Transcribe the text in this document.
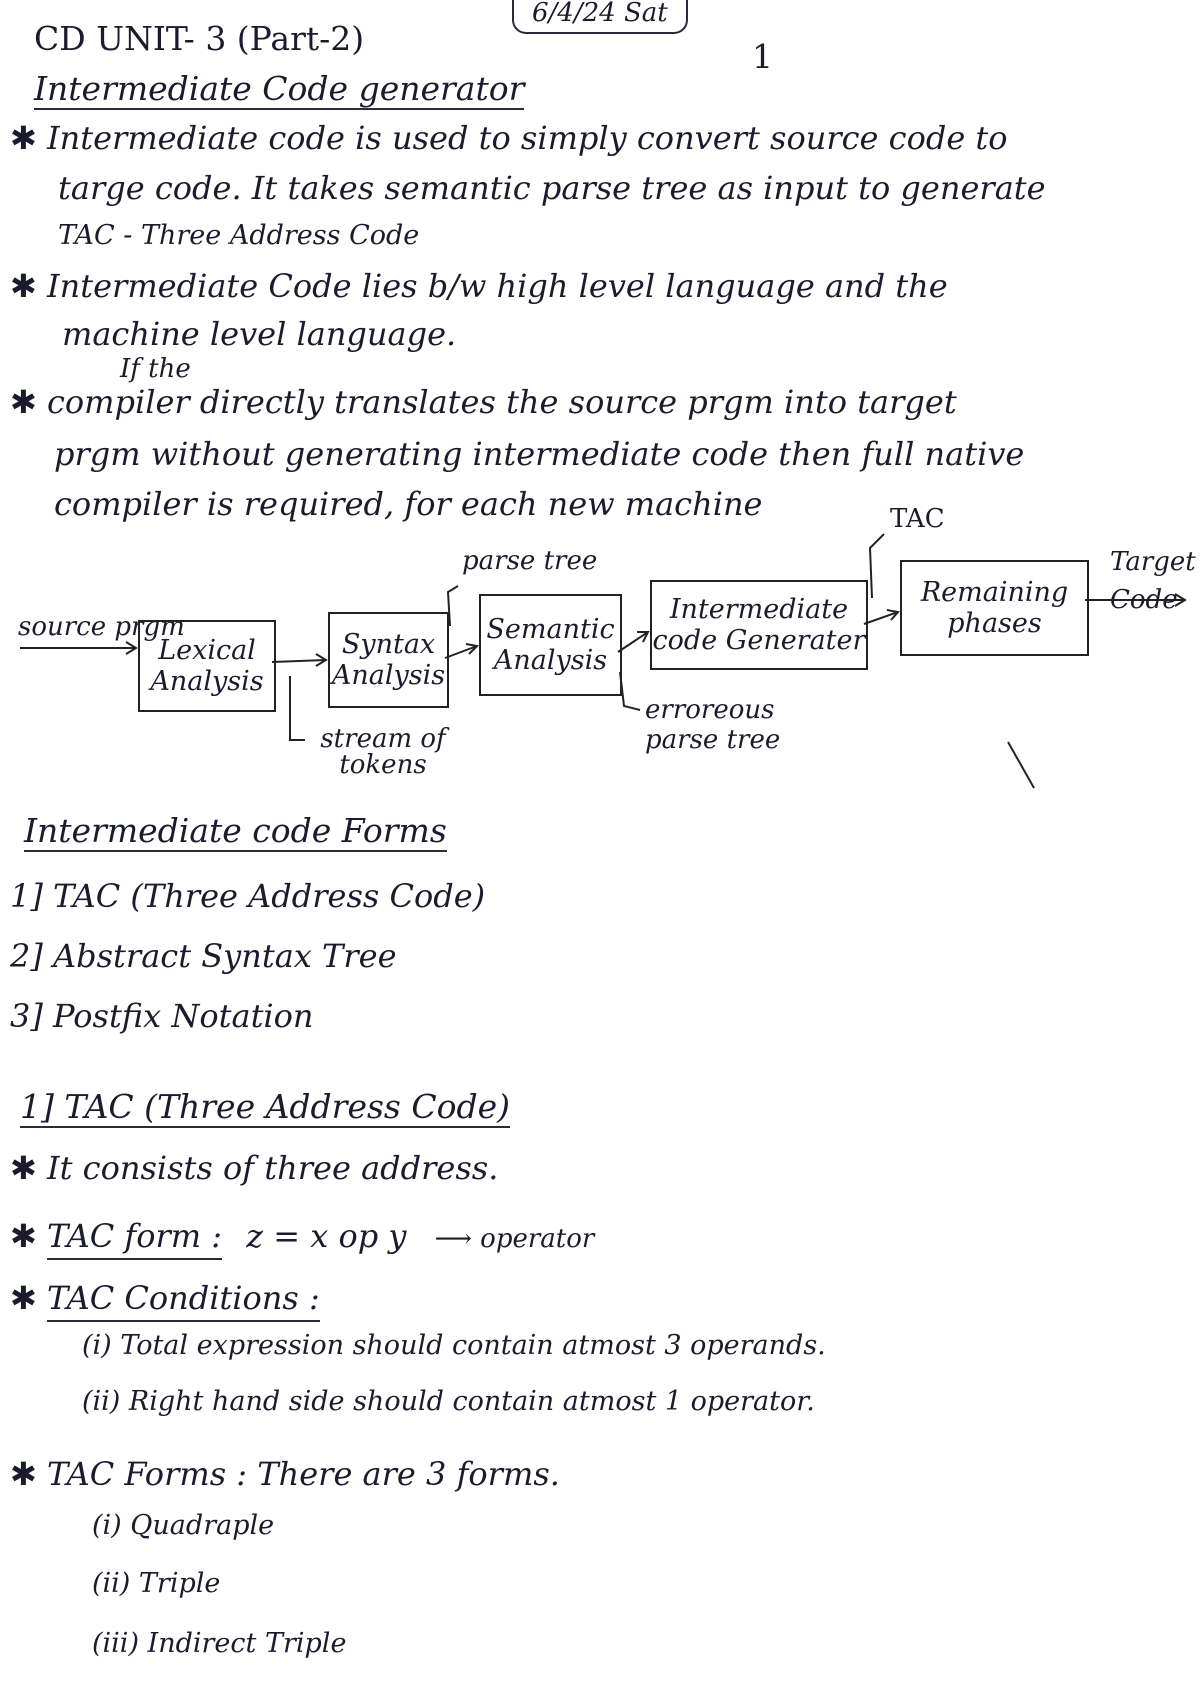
CD UNIT- 3 (Part-2)
6/4/24 Sat
1
Intermediate Code generator
✱ Intermediate code is used to simply convert source code to
targe code. It takes semantic parse tree as input to generate
TAC - Three Address Code
✱ Intermediate Code lies b/w high level language and the
machine level language.
If the
✱ compiler directly translates the source prgm into target
prgm without generating intermediate code then full native
compiler is required, for each new machine
source prgm
Lexical Analysis
Syntax Analysis
Semantic Analysis
Intermediate code Generater
Remaining phases
Target Code
stream of tokens
parse tree
erroreous parse tree
TAC
Intermediate code Forms
1] TAC (Three Address Code)
2] Abstract Syntax Tree
3] Postfix Notation
1] TAC (Three Address Code)
✱ It consists of three address.
✱ TAC form : z = x op y ⟶ operator
✱ TAC Conditions :
(i) Total expression should contain atmost 3 operands.
(ii) Right hand side should contain atmost 1 operator.
✱ TAC Forms : There are 3 forms.
(i) Quadraple
(ii) Triple
(iii) Indirect Triple
